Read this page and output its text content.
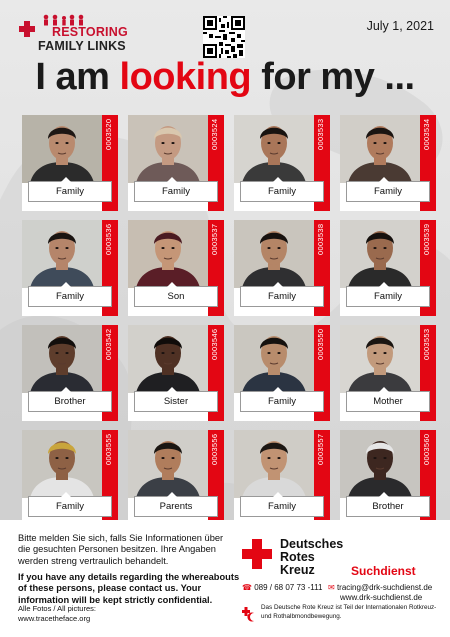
RESTORING
FAMILY LINKS
July 1, 2021
I am looking for my ...
0003520
Family
0003524
Family
0003533
Family
0003534
Family
0003536
Family
0003537
Son
0003538
Family
0003539
Family
0003542
Brother
0003546
Sister
0003550
Family
0003553
Mother
0003555
Family
0003556
Parents
0003557
Family
0003560
Brother

Bitte melden Sie sich, falls Sie Informationen über die gesuchten Personen besitzen. Ihre Angaben werden streng vertraulich behandelt.

If you have any details regarding the whereabouts of these persons, please contact us. Your information will be kept strictly confidential.

Alle Fotos / All pictures:
www.tracetheface.org
Deutsches
Rotes
Kreuz	Suchdienst
☎ 089 / 68 07 73 -111 ✉ tracing@drk-suchdienst.de
www.drk-suchdienst.de

Das Deutsche Rote Kreuz ist Teil der Internationalen Rotkreuz- und Rothalbmondbewegung.
